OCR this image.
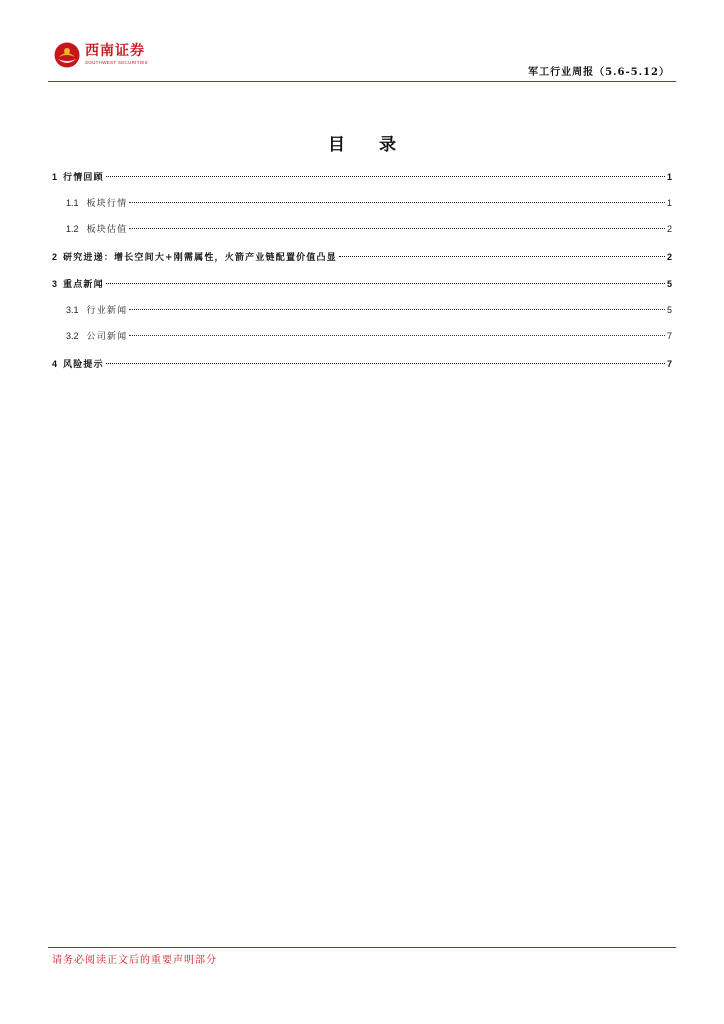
西南证券
SOUTHWEST SECURITIES
军工行业周报（5.6-5.12）
目 录
1 行情回顾	1
1.1 板块行情	1
1.2 板块估值	2
2 研究进递：增长空间大+刚需属性，火箭产业链配置价值凸显	2
3 重点新闻	5
3.1 行业新闻	5
3.2 公司新闻	7
4 风险提示	7
请务必阅读正文后的重要声明部分
